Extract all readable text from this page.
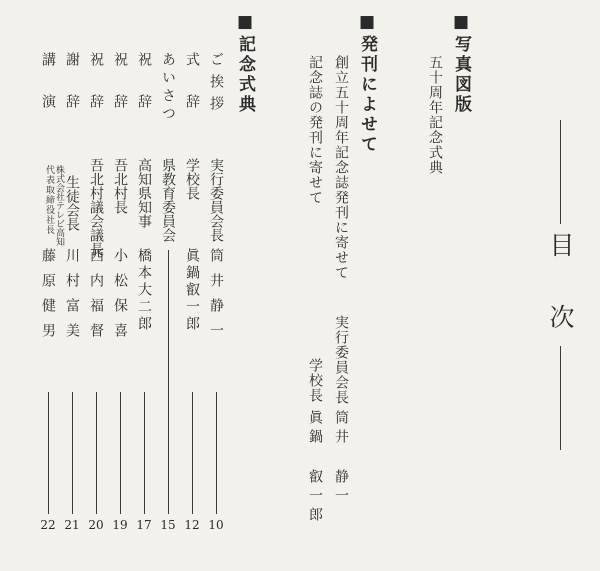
目
次
■写真図版
五十周年記念式典
■発刊によせて
創立五十周年記念誌発刊に寄せて
実行委員会長
筒井 静一
記念誌の発刊に寄せて
学校長
眞鍋 叡一郎
■記念式典
ご挨拶
実行委員会長
筒井静一
10
式辞
学校長
眞鍋叡一郎
12
あいさつ
県教育委員会
15
祝辞
高知県知事
橋本大二郎
17
祝辞
吾北村長
小松保喜
19
祝辞
吾北村議会議長
西内福督
20
謝辞
生徒会長
川村富美
21
講演
株式会社テレビ高知
代表取締役社長
藤原健男
22
